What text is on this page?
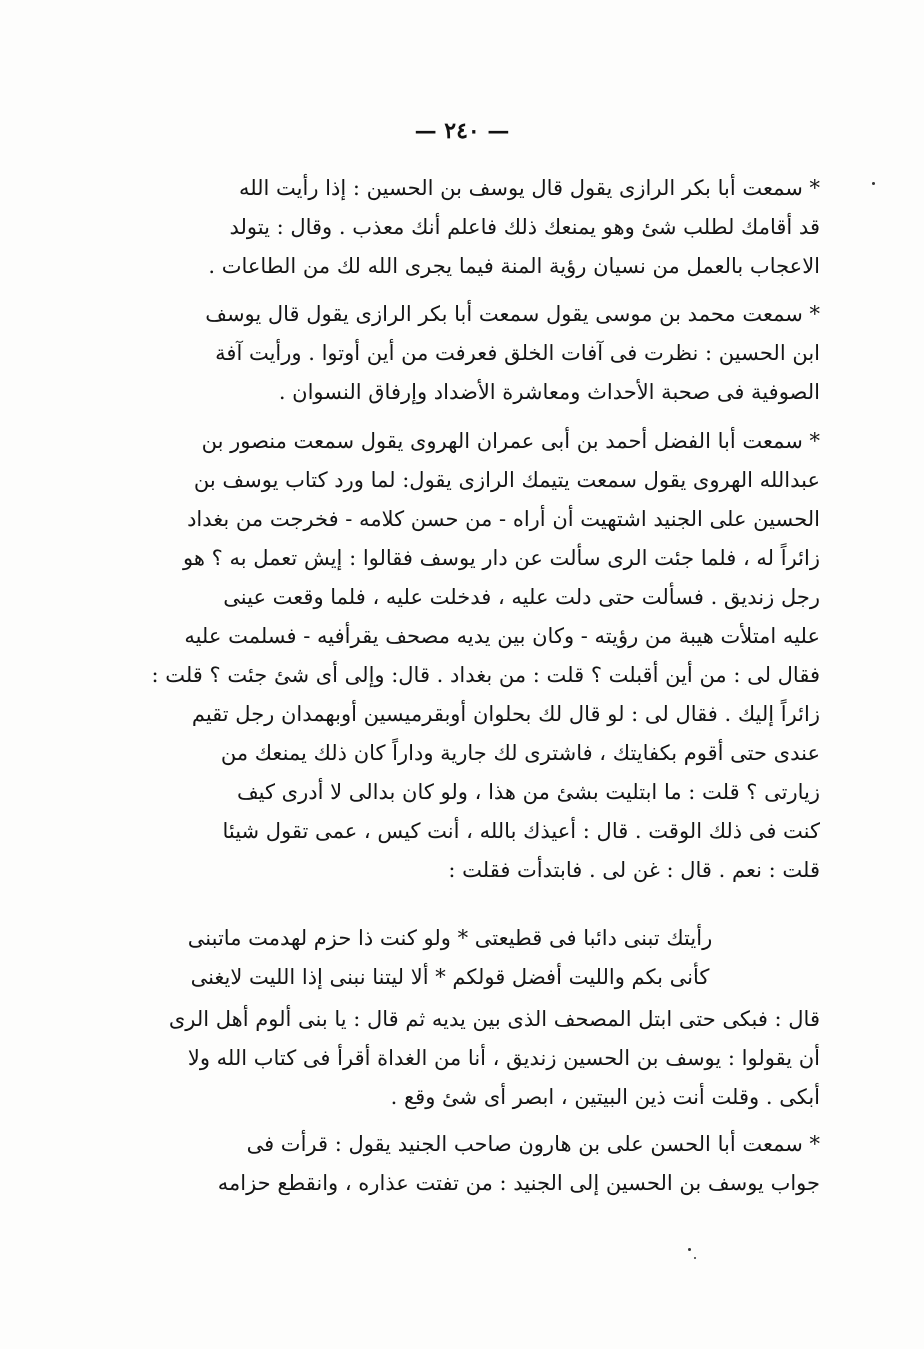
— ٢٤٠ —
* سمعت أبا بكر الرازى يقول قال يوسف بن الحسين : إذا رأيت الله
قد أقامك لطلب شئ وهو يمنعك ذلك فاعلم أنك معذب . وقال : يتولد
الاعجاب بالعمل من نسيان رؤية المنة فيما يجرى الله لك من الطاعات .
* سمعت محمد بن موسى يقول سمعت أبا بكر الرازى يقول قال يوسف
ابن الحسين : نظرت فى آفات الخلق فعرفت من أين أوتوا . ورأيت آفة
الصوفية فى صحبة الأحداث ومعاشرة الأضداد وإرفاق النسوان .
* سمعت أبا الفضل أحمد بن أبى عمران الهروى يقول سمعت منصور بن
عبدالله الهروى يقول سمعت يتيمك الرازى يقول: لما ورد كتاب يوسف بن
الحسين على الجنيد اشتهيت أن أراه - من حسن كلامه - فخرجت من بغداد
زائراً له ، فلما جئت الرى سألت عن دار يوسف فقالوا : إيش تعمل به ؟ هو
رجل زنديق . فسألت حتى دلت عليه ، فدخلت عليه ، فلما وقعت عينى
عليه امتلأت هيبة من رؤيته - وكان بين يديه مصحف يقرأفيه - فسلمت عليه
فقال لى : من أين أقبلت ؟ قلت : من بغداد . قال: وإلى أى شئ جئت ؟ قلت :
زائراً إليك . فقال لى : لو قال لك بحلوان أوبقرميسين أوبهمدان رجل تقيم
عندى حتى أقوم بكفايتك ، فاشترى لك جارية وداراً كان ذلك يمنعك من
زيارتى ؟ قلت : ما ابتليت بشئ من هذا ، ولو كان بدالى لا أدرى كيف
كنت فى ذلك الوقت . قال : أعيذك بالله ، أنت كيس ، عمى تقول شيئا
قلت : نعم . قال : غن لى . فابتدأت فقلت :
رأيتك تبنى دائبا فى قطيعتى * ولو كنت ذا حزم لهدمت ماتبنى
كأنى بكم والليت أفضل قولكم * ألا ليتنا نبنى إذا الليت لايغنى
قال : فبكى حتى ابتل المصحف الذى بين يديه ثم قال : يا بنى ألوم أهل الرى
أن يقولوا : يوسف بن الحسين زنديق ، أنا من الغداة أقرأ فى كتاب الله ولا
أبكى . وقلت أنت ذين البيتين ، ابصر أى شئ وقع .
* سمعت أبا الحسن على بن هارون صاحب الجنيد يقول : قرأت فى
جواب يوسف بن الحسين إلى الجنيد : من تفتت عذاره ، وانقطع حزامه
